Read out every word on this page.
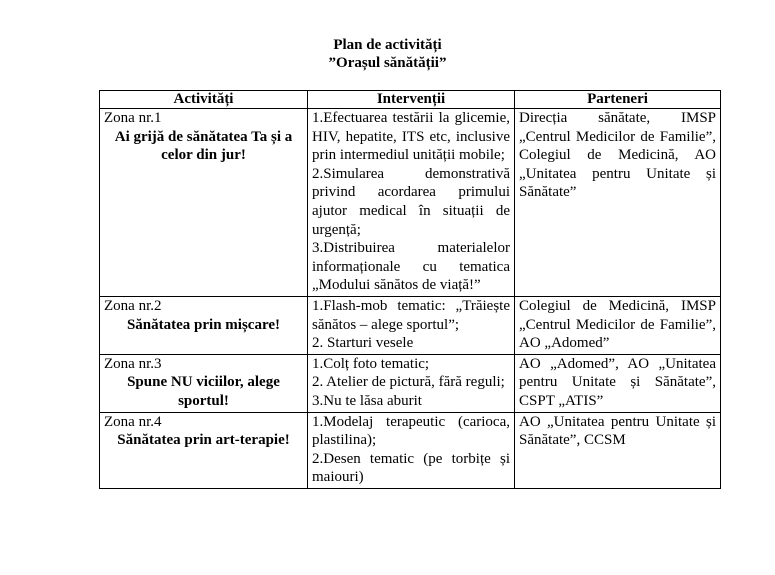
Plan de activități
”Orașul sănătății”
Activități	Intervenții	Parteneri

Zona nr.1
Ai grijă de sănătatea Ta și a celor din jur!	1.Efectuarea testării la glicemie, HIV, hepatite, ITS etc, inclusive prin intermediul unității mobile;
2.Simularea demonstrativă privind acordarea primului ajutor medical în situații de urgență;
3.Distribuirea materialelor informaționale cu tematica „Modului sănătos de viață!”	Direcția sănătate, IMSP „Centrul Medicilor de Familie”, Colegiul de Medicină, AO „Unitatea pentru Unitate și Sănătate”

Zona nr.2
Sănătatea prin mișcare!	1.Flash-mob tematic: „Trăiește sănătos – alege sportul”;
2. Starturi vesele	Colegiul de Medicină, IMSP „Centrul Medicilor de Familie”, AO „Adomed”

Zona nr.3
Spune NU viciilor, alege sportul!	1.Colț foto tematic;
2. Atelier de pictură, fără reguli;
3.Nu te lăsa aburit	AO „Adomed”, AO „Unitatea pentru Unitate și Sănătate”, CSPT „ATIS”

Zona nr.4
Sănătatea prin art-terapie!	1.Modelaj terapeutic (carioca, plastilina);
2.Desen tematic (pe torbițe și maiouri)	AO „Unitatea pentru Unitate și Sănătate”, CCSM
